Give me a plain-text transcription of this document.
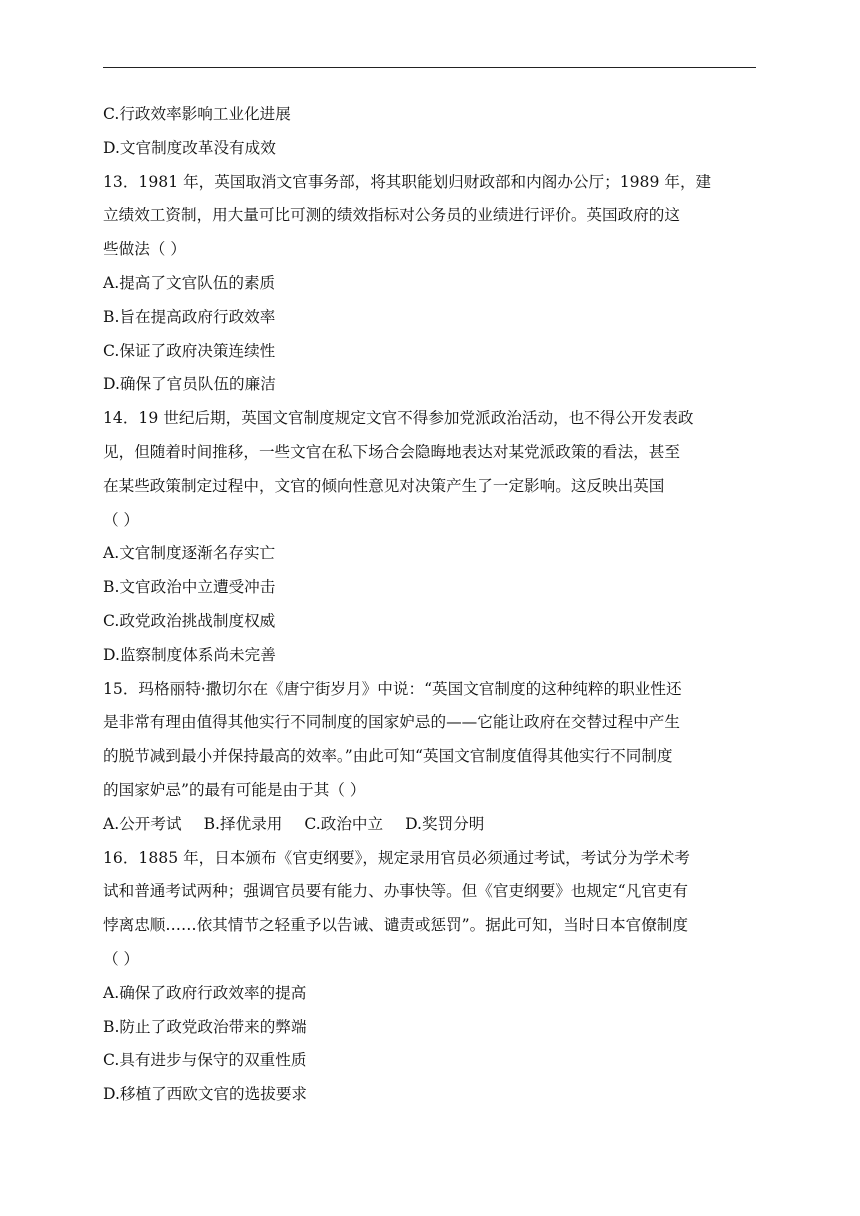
C.行政效率影响工业化进展
D.文官制度改革没有成效
13．1981 年，英国取消文官事务部，将其职能划归财政部和内阁办公厅；1989 年，建
立绩效工资制，用大量可比可测的绩效指标对公务员的业绩进行评价。英国政府的这
些做法（ ）
A.提高了文官队伍的素质
B.旨在提高政府行政效率
C.保证了政府决策连续性
D.确保了官员队伍的廉洁
14．19 世纪后期，英国文官制度规定文官不得参加党派政治活动，也不得公开发表政
见，但随着时间推移，一些文官在私下场合会隐晦地表达对某党派政策的看法，甚至
在某些政策制定过程中，文官的倾向性意见对决策产生了一定影响。这反映出英国
（ ）
A.文官制度逐渐名存实亡
B.文官政治中立遭受冲击
C.政党政治挑战制度权威
D.监察制度体系尚未完善
15．玛格丽特·撒切尔在《唐宁街岁月》中说：“英国文官制度的这种纯粹的职业性还
是非常有理由值得其他实行不同制度的国家妒忌的——它能让政府在交替过程中产生
的脱节减到最小并保持最高的效率。”由此可知“英国文官制度值得其他实行不同制度
的国家妒忌”的最有可能是由于其（ ）
A.公开考试 B.择优录用 C.政治中立 D.奖罚分明
16．1885 年，日本颁布《官吏纲要》，规定录用官员必须通过考试，考试分为学术考
试和普通考试两种；强调官员要有能力、办事快等。但《官吏纲要》也规定“凡官吏有
悖离忠顺……依其情节之轻重予以告诫、谴责或惩罚”。据此可知，当时日本官僚制度
（ ）
A.确保了政府行政效率的提高
B.防止了政党政治带来的弊端
C.具有进步与保守的双重性质
D.移植了西欧文官的选拔要求
